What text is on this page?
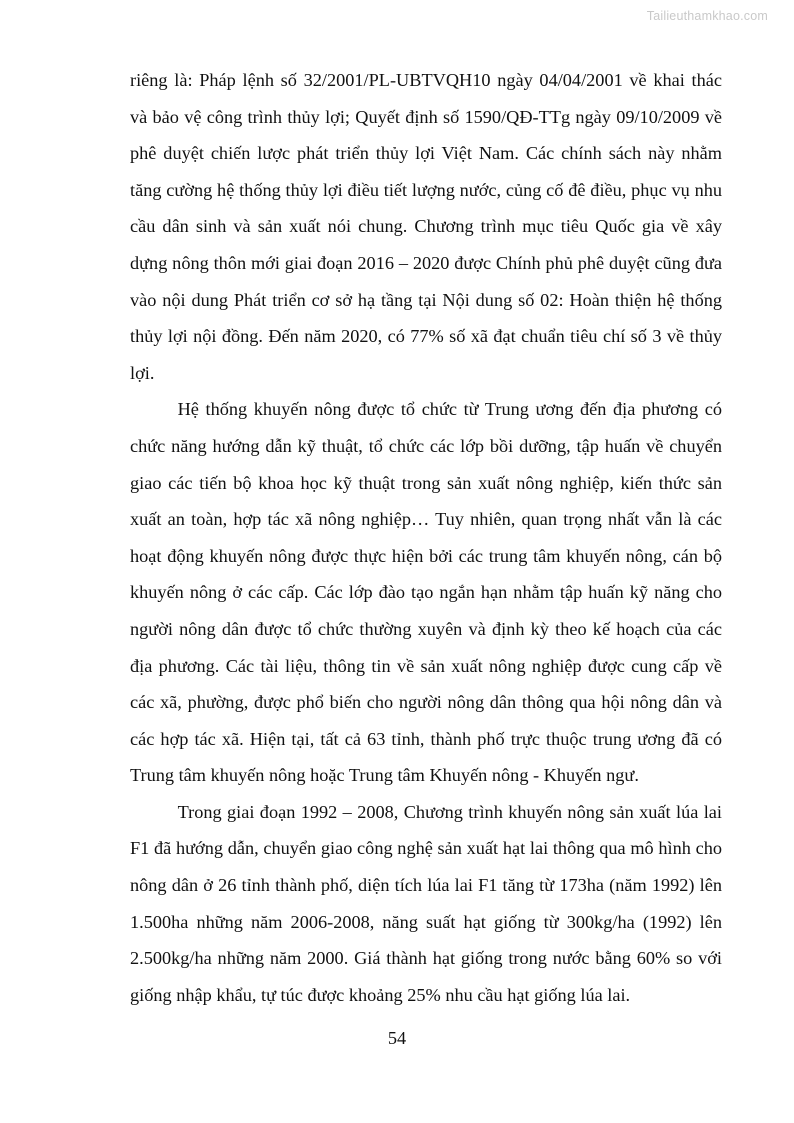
Tailieuthamkhao.com

riêng là: Pháp lệnh số 32/2001/PL-UBTVQH10 ngày 04/04/2001 về khai thác và bảo vệ công trình thủy lợi; Quyết định số 1590/QĐ-TTg ngày 09/10/2009 về phê duyệt chiến lược phát triển thủy lợi Việt Nam. Các chính sách này nhằm tăng cường hệ thống thủy lợi điều tiết lượng nước, củng cố đê điều, phục vụ nhu cầu dân sinh và sản xuất nói chung. Chương trình mục tiêu Quốc gia về xây dựng nông thôn mới giai đoạn 2016 – 2020 được Chính phủ phê duyệt cũng đưa vào nội dung Phát triển cơ sở hạ tầng tại Nội dung số 02: Hoàn thiện hệ thống thủy lợi nội đồng. Đến năm 2020, có 77% số xã đạt chuẩn tiêu chí số 3 về thủy lợi.

Hệ thống khuyến nông được tổ chức từ Trung ương đến địa phương có chức năng hướng dẫn kỹ thuật, tổ chức các lớp bồi dưỡng, tập huấn về chuyển giao các tiến bộ khoa học kỹ thuật trong sản xuất nông nghiệp, kiến thức sản xuất an toàn, hợp tác xã nông nghiệp… Tuy nhiên, quan trọng nhất vẫn là các hoạt động khuyến nông được thực hiện bởi các trung tâm khuyến nông, cán bộ khuyến nông ở các cấp. Các lớp đào tạo ngắn hạn nhằm tập huấn kỹ năng cho người nông dân được tổ chức thường xuyên và định kỳ theo kế hoạch của các địa phương. Các tài liệu, thông tin về sản xuất nông nghiệp được cung cấp về các xã, phường, được phổ biến cho người nông dân thông qua hội nông dân và các hợp tác xã. Hiện tại, tất cả 63 tỉnh, thành phố trực thuộc trung ương đã có Trung tâm khuyến nông hoặc Trung tâm Khuyến nông - Khuyến ngư.

Trong giai đoạn 1992 – 2008, Chương trình khuyến nông sản xuất lúa lai F1 đã hướng dẫn, chuyển giao công nghệ sản xuất hạt lai thông qua mô hình cho nông dân ở 26 tỉnh thành phố, diện tích lúa lai F1 tăng từ 173ha (năm 1992) lên 1.500ha những năm 2006-2008, năng suất hạt giống từ 300kg/ha (1992) lên 2.500kg/ha những năm 2000. Giá thành hạt giống trong nước bằng 60% so với giống nhập khẩu, tự túc được khoảng 25% nhu cầu hạt giống lúa lai.

54
